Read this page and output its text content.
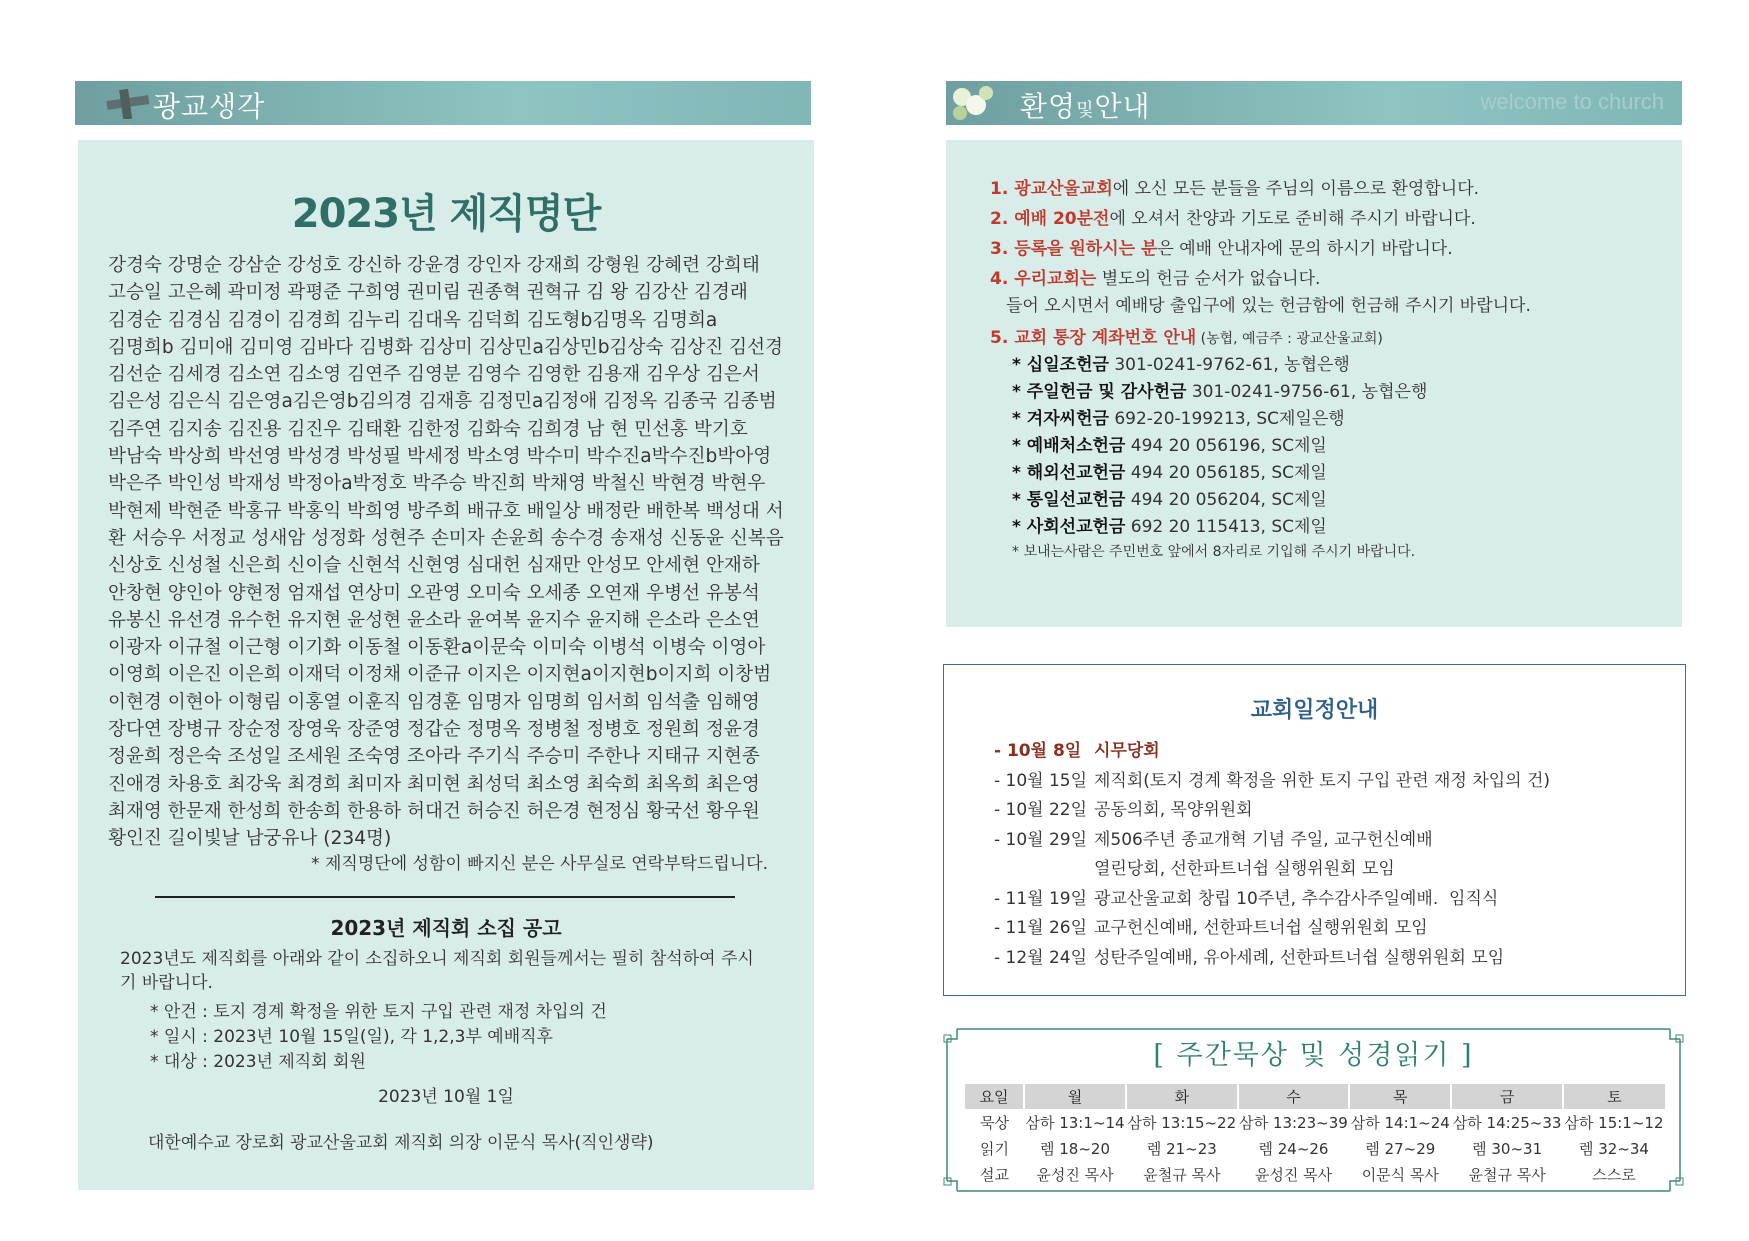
광교생각	환영및안내	welcome to church
2023년 제직명단
강경숙 강명순 강삼순 강성호 강신하 강윤경 강인자 강재희 강형원 강혜련 강희태 고승일 고은혜 곽미정 곽평준 구희영 권미림 권종혁 권혁규 김 왕 김강산 김경래 김경순 김경심 김경이 김경희 김누리 김대옥 김덕희 김도형b김명옥 김명희a 김명희b 김미애 김미영 김바다 김병화 김상미 김상민a김상민b김상숙 김상진 김선경 김선순 김세경 김소연 김소영 김연주 김영분 김영수 김영한 김용재 김우상 김은서 김은성 김은식 김은영a김은영b김의경 김재흥 김정민a김정애 김정옥 김종국 김종범 김주연 김지송 김진용 김진우 김태환 김한정 김화숙 김희경 남 현 민선홍 박기호 박남숙 박상희 박선영 박성경 박성필 박세정 박소영 박수미 박수진a박수진b박아영 박은주 박인성 박재성 박정아a박정호 박주승 박진희 박채영 박철신 박현경 박현우 박현제 박현준 박홍규 박홍익 박희영 방주희 배규호 배일상 배정란 배한복 백성대 서 환 서승우 서정교 성새암 성정화 성현주 손미자 손윤희 송수경 송재성 신동윤 신복음 신상호 신성철 신은희 신이슬 신현석 신현영 심대헌 심재만 안성모 안세현 안재하 안창현 양인아 양현정 엄재섭 연상미 오관영 오미숙 오세종 오연재 우병선 유봉석 유봉신 유선경 유수헌 유지현 윤성현 윤소라 윤여복 윤지수 윤지해 은소라 은소연 이광자 이규철 이근형 이기화 이동철 이동환a이문숙 이미숙 이병석 이병숙 이영아 이영희 이은진 이은희 이재덕 이정채 이준규 이지은 이지현a이지현b이지희 이창범 이현경 이현아 이형림 이홍열 이훈직 임경훈 임명자 임명희 임서희 임석출 임해영 장다연 장병규 장순정 장영욱 장준영 정갑순 정명옥 정병철 정병호 정원희 정윤경 정윤희 정은숙 조성일 조세원 조숙영 조아라 주기식 주승미 주한나 지태규 지현종 진애경 차용호 최강욱 최경희 최미자 최미현 최성덕 최소영 최숙희 최옥희 최은영 최재영 한문재 한성희 한송희 한용하 허대건 허승진 허은경 현정심 황국선 황우원 황인진 길이빛날 남궁유나 (234명)
* 제직명단에 성함이 빠지신 분은 사무실로 연락부탁드립니다.
2023년 제직회 소집 공고
2023년도 제직회를 아래와 같이 소집하오니 제직회 회원들께서는 필히 참석하여 주시기 바랍니다.
* 안건 : 토지 경계 확정을 위한 토지 구입 관련 재정 차입의 건
* 일시 : 2023년 10월 15일(일), 각 1,2,3부 예배직후
* 대상 : 2023년 제직회 회원
2023년 10월 1일
대한예수교 장로회 광교산울교회 제직회 의장 이문식 목사(직인생략)
1. 광교산울교회에 오신 모든 분들을 주님의 이름으로 환영합니다.
2. 예배 20분전에 오셔서 찬양과 기도로 준비해 주시기 바랍니다.
3. 등록을 원하시는 분은 예배 안내자에 문의 하시기 바랍니다.
4. 우리교회는 별도의 헌금 순서가 없습니다.
들어 오시면서 예배당 출입구에 있는 헌금함에 헌금해 주시기 바랍니다.
5. 교회 통장 계좌번호 안내 (농협, 예금주 : 광교산울교회)
* 십일조헌금 301-0241-9762-61, 농협은행
* 주일헌금 및 감사헌금 301-0241-9756-61, 농협은행
* 겨자씨헌금 692-20-199213, SC제일은행
* 예배처소헌금 494 20 056196, SC제일
* 해외선교헌금 494 20 056185, SC제일
* 통일선교헌금 494 20 056204, SC제일
* 사회선교헌금 692 20 115413, SC제일
* 보내는사람은 주민번호 앞에서 8자리로 기입해 주시기 바랍니다.
교회일정안내
- 10월 8일 시무당회
- 10월 15일 제직회(토지 경계 확정을 위한 토지 구입 관련 재정 차입의 건)
- 10월 22일 공동의회, 목양위원회
- 10월 29일 제506주년 종교개혁 기념 주일, 교구헌신예배
열린당회, 선한파트너쉽 실행위원회 모임
- 11월 19일 광교산울교회 창립 10주년, 추수감사주일예배.  임직식
- 11월 26일 교구헌신예배, 선한파트너쉽 실행위원회 모임
- 12월 24일 성탄주일예배, 유아세례, 선한파트너쉽 실행위원회 모임
[ 주간묵상 및 성경읽기 ]
요일	월	화	수	목	금	토
묵상	삼하 13:1~14	삼하 13:15~22	삼하 13:23~39	삼하 14:1~24	삼하 14:25~33	삼하 15:1~12
읽기	렘 18~20	렘 21~23	렘 24~26	렘 27~29	렘 30~31	렘 32~34
설교	윤성진 목사	윤철규 목사	윤성진 목사	이문식 목사	윤철규 목사	스스로
